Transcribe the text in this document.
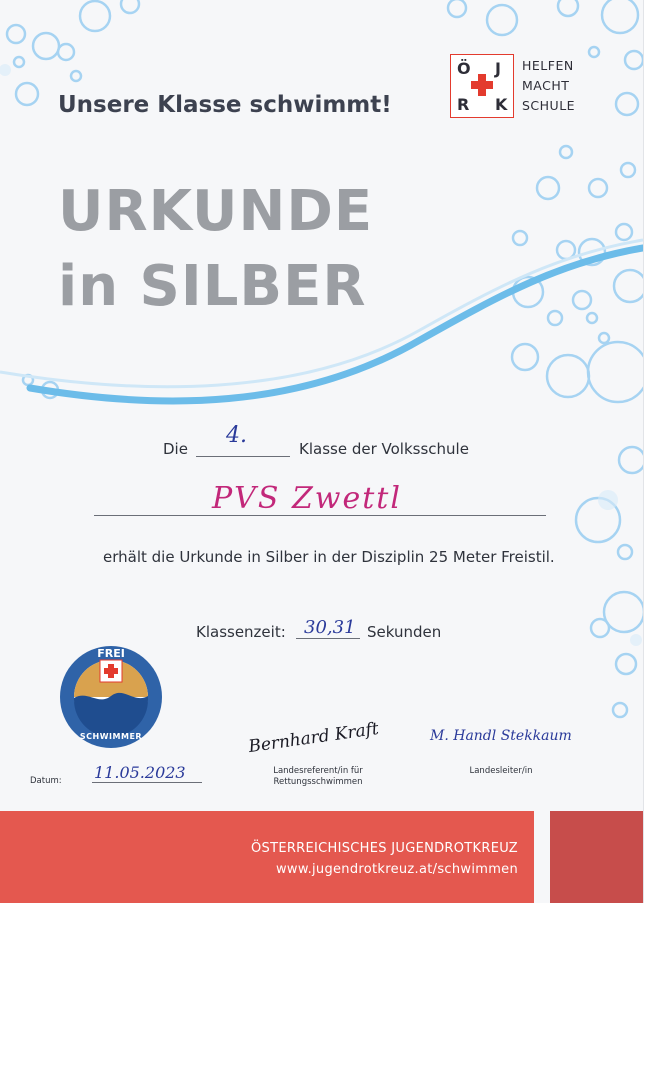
Unsere Klasse schwimmt!
URKUNDE
in SILBER
Ö J
R K
HELFEN
MACHT
SCHULE
Die
4.
Klasse der Volksschule
PVS Zwettl
erhält die Urkunde in Silber in der Disziplin 25 Meter Freistil.
Klassenzeit: 30,31 Sekunden
FREI
SCHWIMMER
Datum: 11.05.2023
Bernhard Kraft
Landesreferent/in für
Rettungsschwimmen
M. Handl Stekkaum
Landesleiter/in
ÖSTERREICHISCHES JUGENDROTKREUZ
www.jugendrotkreuz.at/schwimmen
